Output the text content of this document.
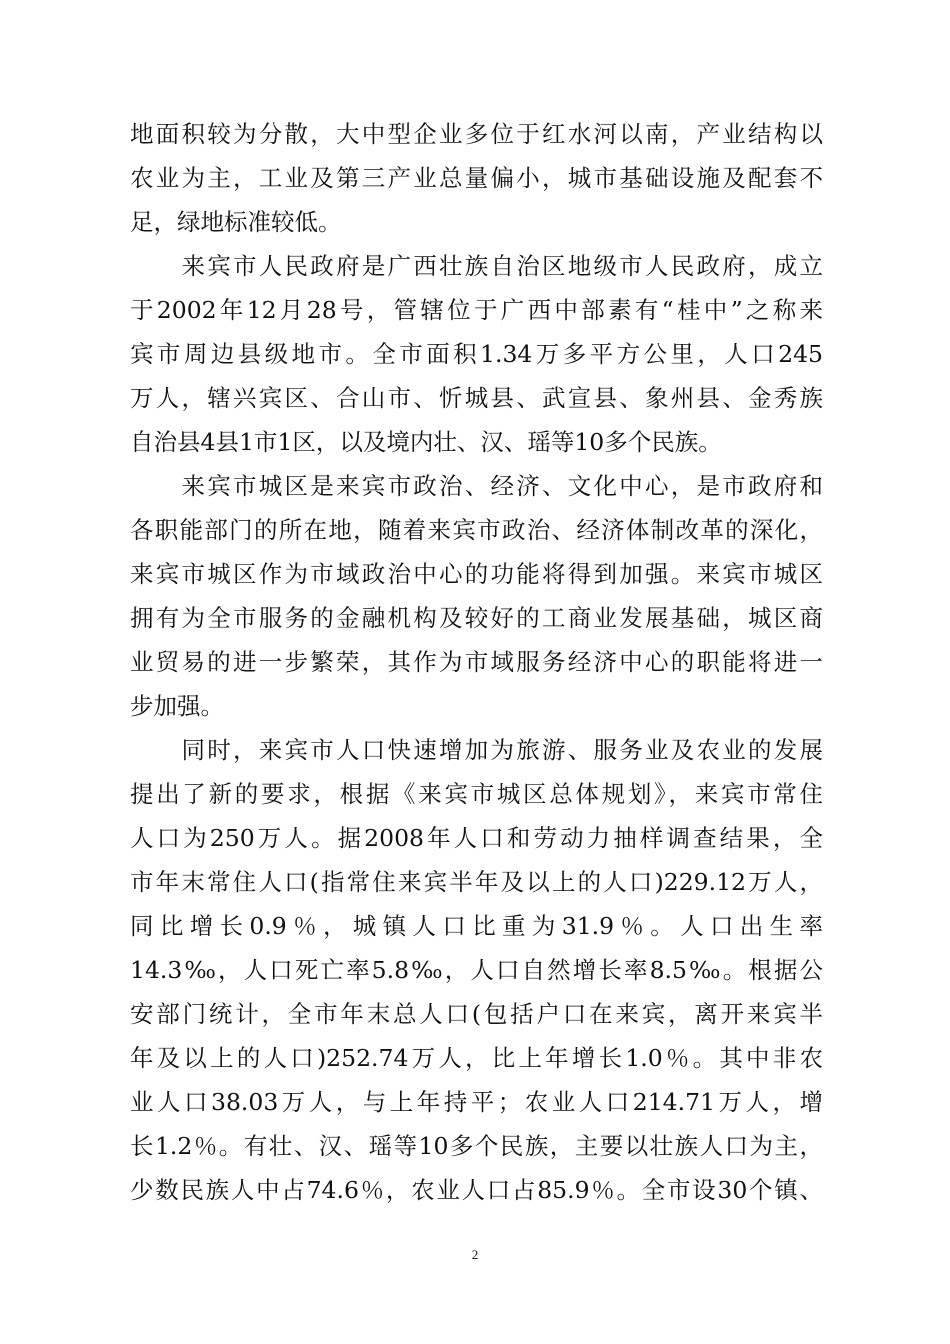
地面积较为分散，大中型企业多位于红水河以南，产业结构以
农业为主，工业及第三产业总量偏小，城市基础设施及配套不
足，绿地标准较低。
　　来宾市人民政府是广西壮族自治区地级市人民政府，成立
于2002年12月28号，管辖位于广西中部素有“桂中”之称来
宾市周边县级地市。全市面积1.34万多平方公里，人口245
万人，辖兴宾区、合山市、忻城县、武宣县、象州县、金秀族
自治县4县1市1区，以及境内壮、汉、瑶等10多个民族。
　　来宾市城区是来宾市政治、经济、文化中心，是市政府和
各职能部门的所在地，随着来宾市政治、经济体制改革的深化，
来宾市城区作为市域政治中心的功能将得到加强。来宾市城区
拥有为全市服务的金融机构及较好的工商业发展基础，城区商
业贸易的进一步繁荣，其作为市域服务经济中心的职能将进一
步加强。
　　同时，来宾市人口快速增加为旅游、服务业及农业的发展
提出了新的要求，根据《来宾市城区总体规划》，来宾市常住
人口为250万人。据2008年人口和劳动力抽样调查结果，全
市年末常住人口(指常住来宾半年及以上的人口)229.12万人，
同比增长0.9％，城镇人口比重为31.9％。人口出生率
14.3‰，人口死亡率5.8‰，人口自然增长率8.5‰。根据公
安部门统计，全市年末总人口(包括户口在来宾，离开来宾半
年及以上的人口)252.74万人，比上年增长1.0％。其中非农
业人口38.03万人，与上年持平；农业人口214.71万人，增
长1.2％。有壮、汉、瑶等10多个民族，主要以壮族人口为主，
少数民族人中占74.6％，农业人口占85.9％。全市设30个镇、
2
